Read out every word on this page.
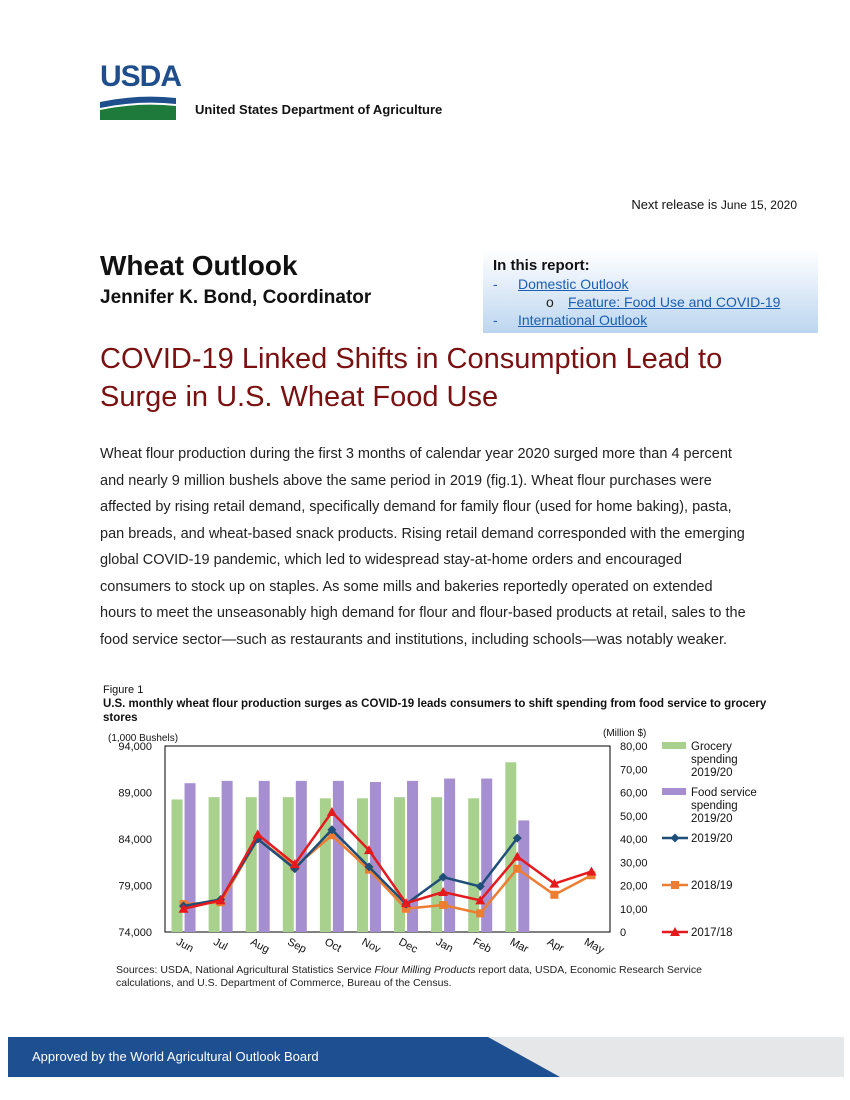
USDA
United States Department of Agriculture
Next release is June 15, 2020
Wheat Outlook
Jennifer K. Bond, Coordinator
In this report:
- Domestic Outlook
o Feature: Food Use and COVID-19
- International Outlook
COVID-19 Linked Shifts in Consumption Lead to Surge in U.S. Wheat Food Use
Wheat flour production during the first 3 months of calendar year 2020 surged more than 4 percent and nearly 9 million bushels above the same period in 2019 (fig.1). Wheat flour purchases were affected by rising retail demand, specifically demand for family flour (used for home baking), pasta, pan breads, and wheat-based snack products. Rising retail demand corresponded with the emerging global COVID-19 pandemic, which led to widespread stay-at-home orders and encouraged consumers to stock up on staples. As some mills and bakeries reportedly operated on extended hours to meet the unseasonably high demand for flour and flour-based products at retail, sales to the food service sector—such as restaurants and institutions, including schools—was notably weaker.
Figure 1
U.S. monthly wheat flour production surges as COVID-19 leads consumers to shift spending from food service to grocery stores
(1,000 Bushels)	(Million $)
94,000
89,000
84,000
79,000
74,000
80,00
70,00
60,00
50,00
40,00
30,00
20,00
10,00
0
Jun Jul Aug Sep Oct Nov Dec Jan Feb Mar Apr May
Grocery
spending
2019/20
Food service
spending
2019/20
2019/20
2018/19
2017/18
Sources: USDA, National Agricultural Statistics Service Flour Milling Products report data, USDA, Economic Research Service calculations, and U.S. Department of Commerce, Bureau of the Census.
Approved by the World Agricultural Outlook Board
